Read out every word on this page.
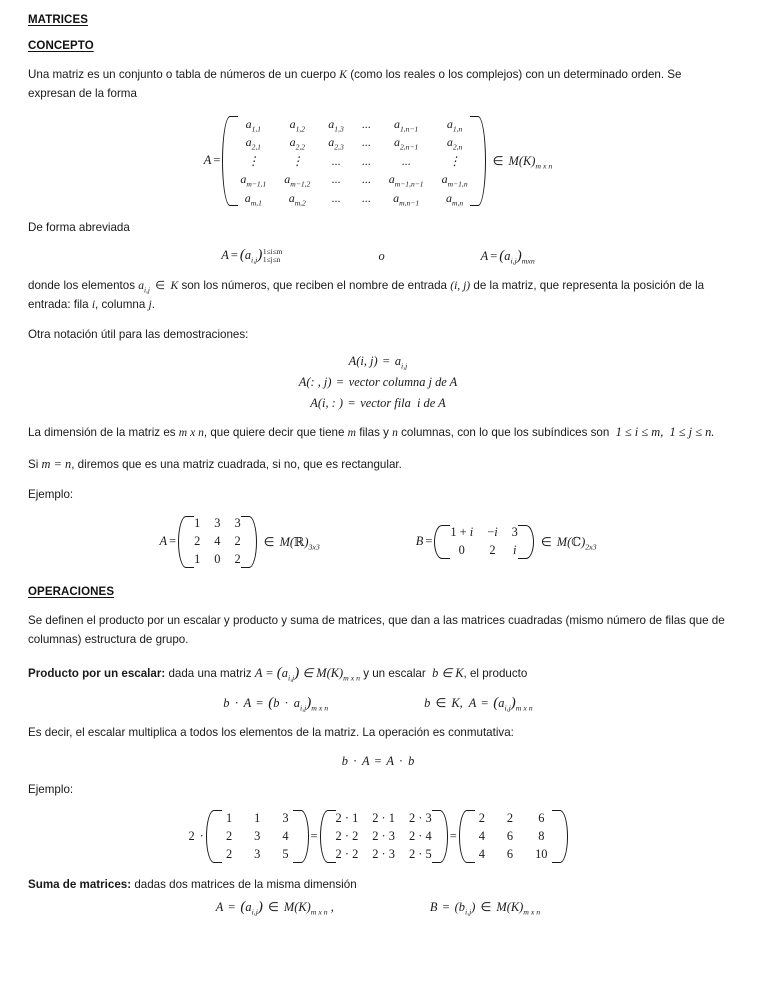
MATRICES
CONCEPTO

Una matriz es un conjunto o tabla de números de un cuerpo K (como los reales o los complejos) con un determinado orden. Se expresan de la forma

A =
$a_{1,1}$	$a_{1,2}$	$a_{1,3}$	...	$a_{1,n-1}$	$a_{1,n}$
$a_{2,1}$	$a_{2,2}$	$a_{2,3}$	...	$a_{2,n-1}$	$a_{2,n}$
⋮	⋮	...	...	...	⋮
$a_{m-1,1}$	$a_{m-1,2}$	...	...	$a_{m-1,n-1}$	$a_{m-1,n}$
$a_{m,1}$	$a_{m,2}$	...	...	$a_{m,n-1}$	$a_{m,n}$
∈ $M(K)_{m x n}$

De forma abreviada

$A = (a_{i,j})$ 1≤i≤m
1≤j≤n	o	$A = (a_{i,j})_{mxn}$

donde los elementos $a_{i,j}$ ∈ K son los números, que reciben el nombre de entrada (i, j) de la matriz, que representa la posición de la entrada: fila i, columna j.

Otra notación útil para las demostraciones:

A(i, $j) = a_{i,j}$
A(: , j) = vector columna j de A
A(i, : ) = vector fila  i de A

La dimensión de la matriz es m x n, que quiere decir que tiene m filas y n columnas, con lo que los subíndices son  1 ≤ i ≤ m,  1 ≤ j ≤ n.

Si m = n, diremos que es una matriz cuadrada, si no, que es rectangular.

Ejemplo:

A =
1	3	3
2	4	2
1	0	2
∈ $M(ℝ)_{3x3}$	B =
1 + i	−i	3
0	2	i
∈ $M(ℂ)_{2x3}$
OPERACIONES

Se definen el producto por un escalar y producto y suma de matrices, que dan a las matrices cuadradas (mismo número de filas que de columnas) estructura de grupo.

Producto por un escalar: dada una matriz $A = (a_{i,j})$ ∈ $M(K)_{m x n}$ y un escalar  b ∈ K, el producto

$b \cdot A = (b \cdot a_{i,j})_{m x n}$	b ∈ K,  $A = (a_{i,j})_{m x n}$

Es decir, el escalar multiplica a todos los elementos de la matriz. La operación es conmutativa:

b · A = A · b

Ejemplo:

2 ·
1	1	3
2	3	4
2	3	5
=
2 · 1	2 · 1	2 · 3
2 · 2	2 · 3	2 · 4
2 · 2	2 · 3	2 · 5
=
2	2	6
4	6	8
4	6	10

Suma de matrices: dadas dos matrices de la misma dimensión

$A = (a_{i,j})$ ∈ $M(K)_{m x n}$ ,	$B = (b_{i,j})$ ∈ $M(K)_{m x n}$
